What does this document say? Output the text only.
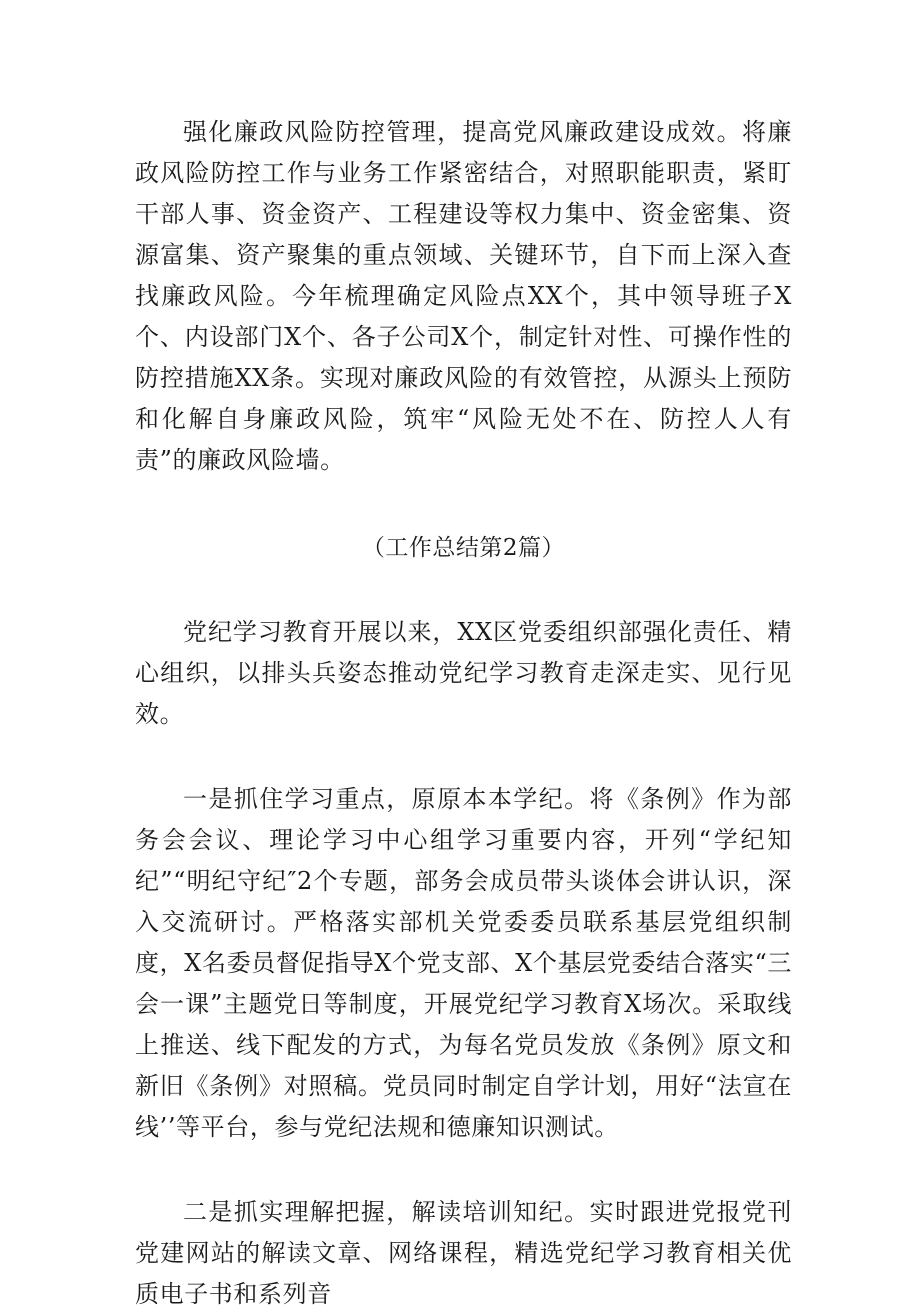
强化廉政风险防控管理，提高党风廉政建设成效。将廉政风险防控工作与业务工作紧密结合，对照职能职责，紧盯干部人事、资金资产、工程建设等权力集中、资金密集、资源富集、资产聚集的重点领域、关键环节，自下而上深入查找廉政风险。今年梳理确定风险点XX个，其中领导班子X个、内设部门X个、各子公司X个，制定针对性、可操作性的防控措施XX条。实现对廉政风险的有效管控，从源头上预防和化解自身廉政风险，筑牢“风险无处不在、防控人人有责”的廉政风险墙。

（工作总结第2篇）

党纪学习教育开展以来，XX区党委组织部强化责任、精心组织，以排头兵姿态推动党纪学习教育走深走实、见行见效。

一是抓住学习重点，原原本本学纪。将《条例》作为部务会会议、理论学习中心组学习重要内容，开列“学纪知纪”“明纪守纪″2个专题，部务会成员带头谈体会讲认识，深入交流研讨。严格落实部机关党委委员联系基层党组织制度，X名委员督促指导X个党支部、X个基层党委结合落实“三会一课”主题党日等制度，开展党纪学习教育X场次。采取线上推送、线下配发的方式，为每名党员发放《条例》原文和新旧《条例》对照稿。党员同时制定自学计划，用好“法宣在线’’等平台，参与党纪法规和德廉知识测试。

二是抓实理解把握，解读培训知纪。实时跟进党报党刊党建网站的解读文章、网络课程，精选党纪学习教育相关优质电子书和系列音
